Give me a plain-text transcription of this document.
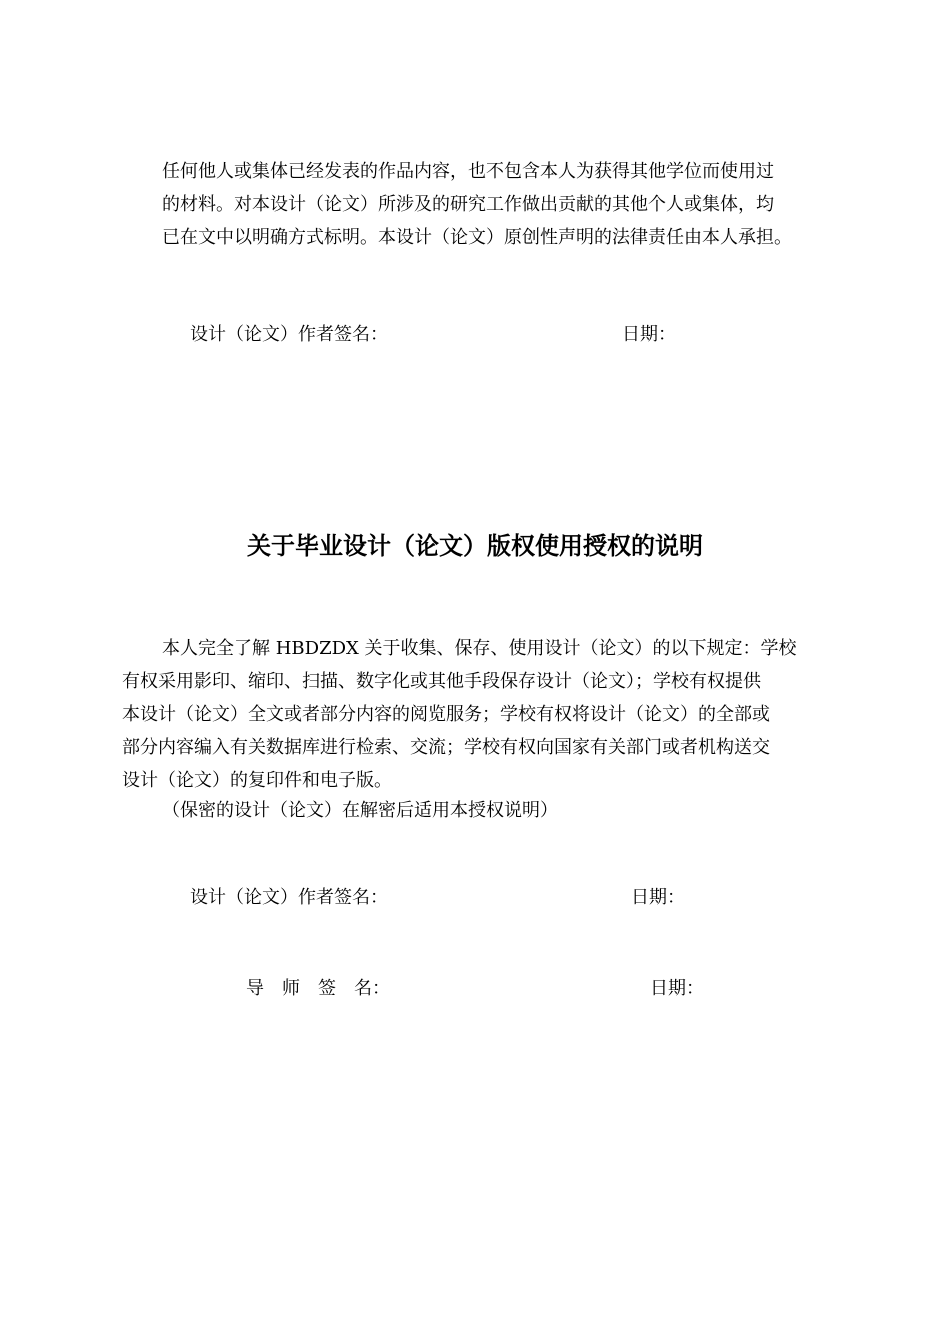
任何他人或集体已经发表的作品内容，也不包含本人为获得其他学位而使用过
的材料。对本设计（论文）所涉及的研究工作做出贡献的其他个人或集体，均
已在文中以明确方式标明。本设计（论文）原创性声明的法律责任由本人承担。
设计（论文）作者签名：	日期：
关于毕业设计（论文）版权使用授权的说明
本人完全了解 HBDZDX 关于收集、保存、使用设计（论文）的以下规定：学校
有权采用影印、缩印、扫描、数字化或其他手段保存设计（论文）；学校有权提供
本设计（论文）全文或者部分内容的阅览服务；学校有权将设计（论文）的全部或
部分内容编入有关数据库进行检索、交流；学校有权向国家有关部门或者机构送交
设计（论文）的复印件和电子版。
（保密的设计（论文）在解密后适用本授权说明）
设计（论文）作者签名：	日期：
导　师　签　名：	日期：
